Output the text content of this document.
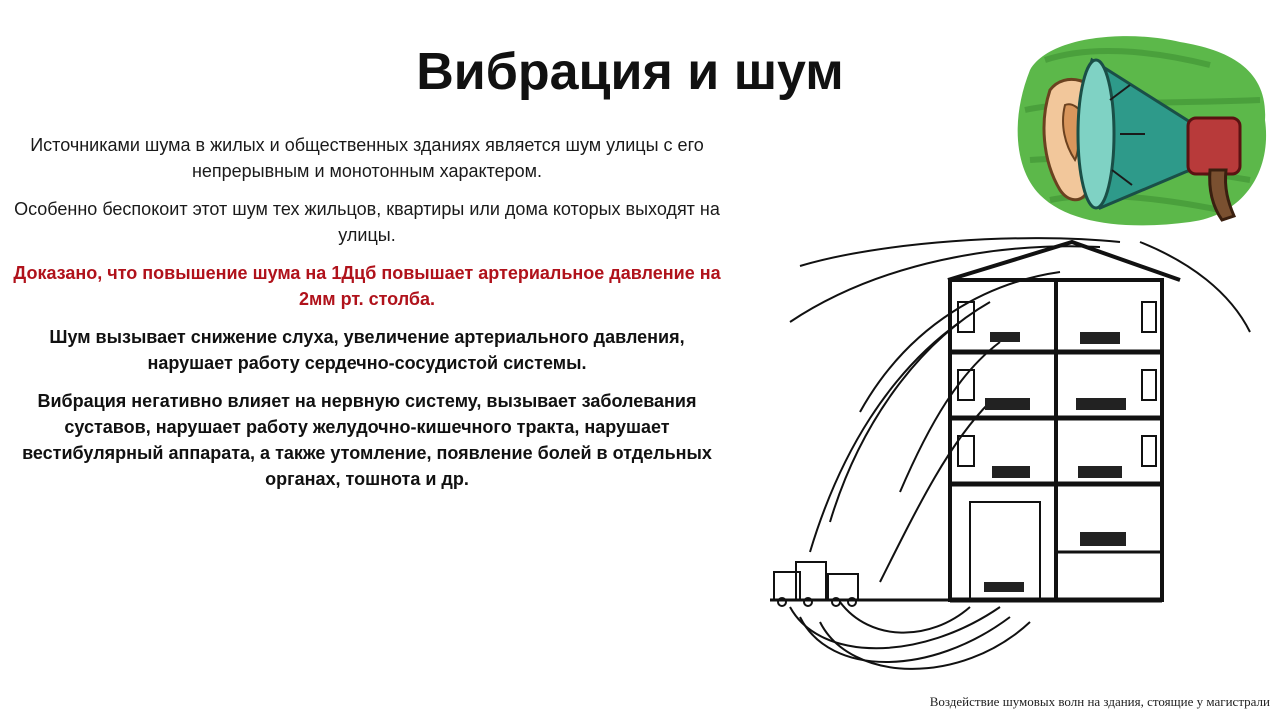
Вибрация и шум

Источниками шума в жилых и общественных зданиях является шум улицы с его непрерывным и монотонным характером.

Особенно беспокоит этот шум тех жильцов, квартиры или дома которых выходят на улицы.

Доказано, что повышение шума на 1Дцб повышает артериальное давление на 2мм рт. столба.

Шум вызывает снижение слуха, увеличение артериального давления, нарушает работу сердечно-сосудистой системы.

Вибрация негативно влияет на нервную систему, вызывает заболевания суставов, нарушает работу желудочно-кишечного тракта, нарушает вестибулярный аппарата, а также утомление, появление болей в отдельных органах, тошнота и др.

Воздействие шумовых волн на здания, стоящие у магистрали
